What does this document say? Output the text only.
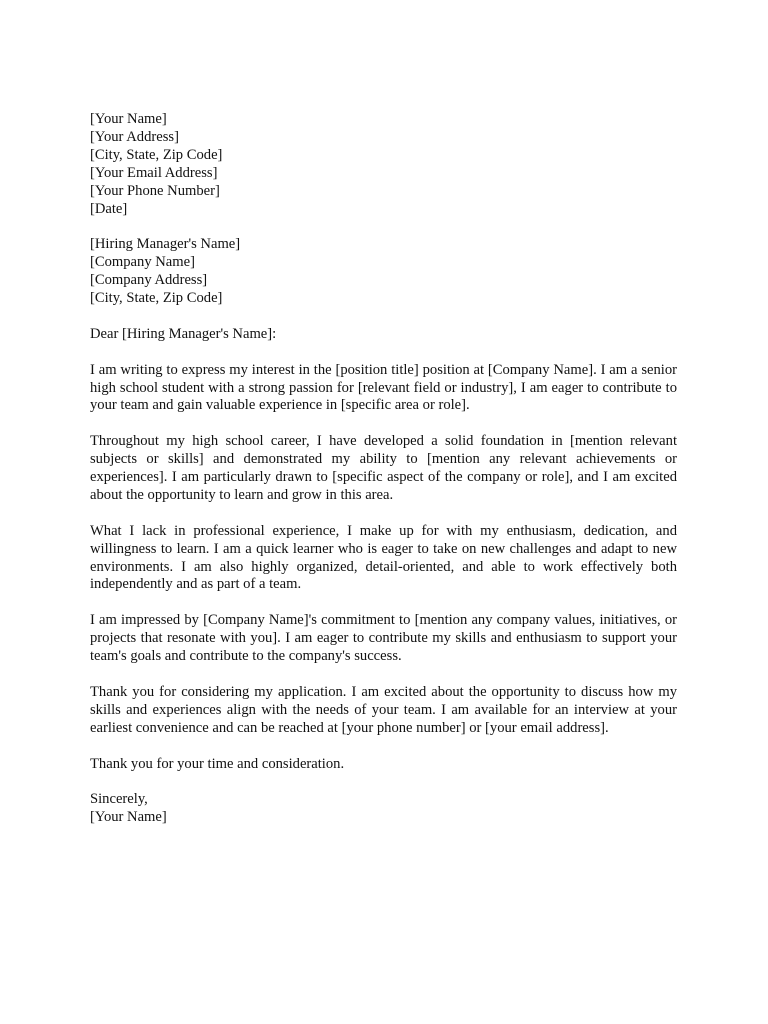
[Your Name]
[Your Address]
[City, State, Zip Code]
[Your Email Address]
[Your Phone Number]
[Date]
[Hiring Manager's Name]
[Company Name]
[Company Address]
[City, State, Zip Code]
Dear [Hiring Manager's Name]:

I am writing to express my interest in the [position title] position at [Company Name]. I am a senior high school student with a strong passion for [relevant field or industry], I am eager to contribute to your team and gain valuable experience in [specific area or role].

Throughout my high school career, I have developed a solid foundation in [mention relevant subjects or skills] and demonstrated my ability to [mention any relevant achievements or experiences]. I am particularly drawn to [specific aspect of the company or role], and I am excited about the opportunity to learn and grow in this area.

What I lack in professional experience, I make up for with my enthusiasm, dedication, and willingness to learn. I am a quick learner who is eager to take on new challenges and adapt to new environments. I am also highly organized, detail-oriented, and able to work effectively both independently and as part of a team.

I am impressed by [Company Name]'s commitment to [mention any company values, initiatives, or projects that resonate with you]. I am eager to contribute my skills and enthusiasm to support your team's goals and contribute to the company's success.

Thank you for considering my application. I am excited about the opportunity to discuss how my skills and experiences align with the needs of your team. I am available for an interview at your earliest convenience and can be reached at [your phone number] or [your email address].

Thank you for your time and consideration.
Sincerely,
[Your Name]
